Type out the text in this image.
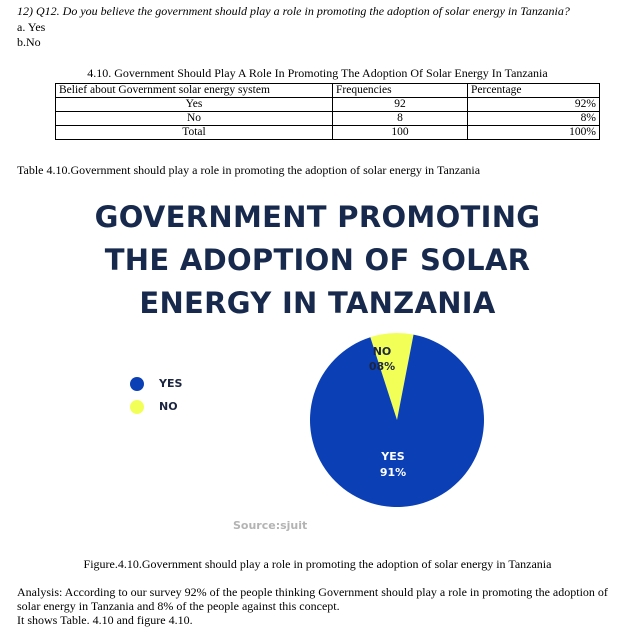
12) Q12. Do you believe the government should play a role in promoting the adoption of solar energy in Tanzania?
a. Yes
b.No
4.10. Government Should Play A Role In Promoting The Adoption Of Solar Energy In Tanzania
Belief about Government solar energy system	Frequencies	Percentage
Yes	92	92%
No	8	8%
Total	100	100%
Table 4.10.Government should play a role in promoting the adoption of solar energy in Tanzania
GOVERNMENT PROMOTING
THE ADOPTION OF SOLAR
ENERGY IN TANZANIA
YES
NO
NO
08%
YES
91%
Source:sjuit
Figure.4.10.Government should play a role in promoting the adoption of solar energy in Tanzania
Analysis: According to our survey 92% of the people thinking Government should play a role in promoting the adoption of solar energy in Tanzania and 8% of the people against this concept.
It shows Table. 4.10 and figure 4.10.
